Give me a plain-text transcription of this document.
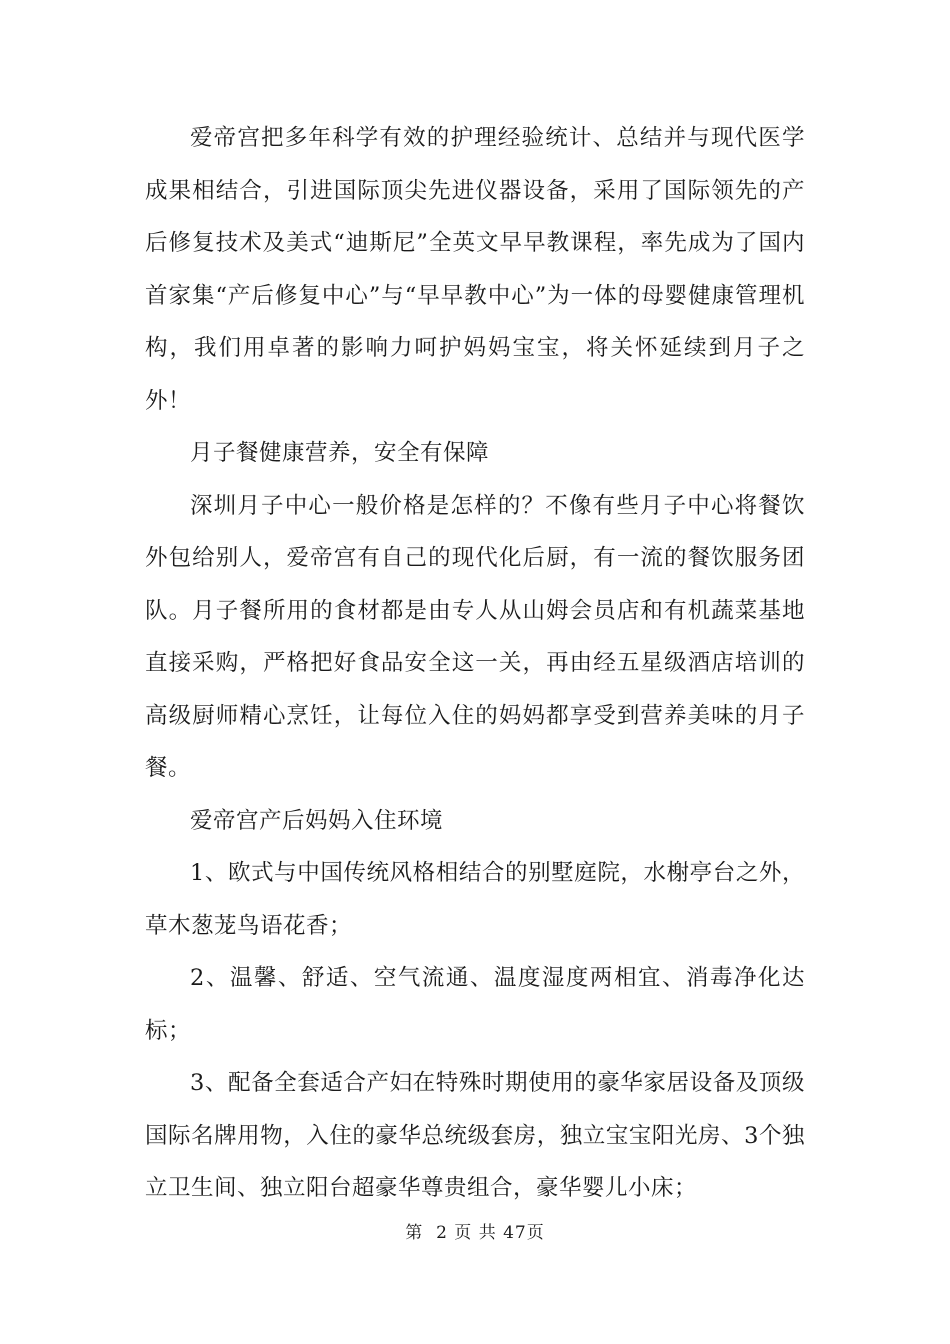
爱帝宫把多年科学有效的护理经验统计、总结并与现代医学成果相结合，引进国际顶尖先进仪器设备，采用了国际领先的产后修复技术及美式“迪斯尼”全英文早早教课程，率先成为了国内首家集“产后修复中心”与“早早教中心”为一体的母婴健康管理机构，我们用卓著的影响力呵护妈妈宝宝，将关怀延续到月子之外！

月子餐健康营养，安全有保障

深圳月子中心一般价格是怎样的？不像有些月子中心将餐饮外包给别人，爱帝宫有自己的现代化后厨，有一流的餐饮服务团队。月子餐所用的食材都是由专人从山姆会员店和有机蔬菜基地直接采购，严格把好食品安全这一关，再由经五星级酒店培训的高级厨师精心烹饪，让每位入住的妈妈都享受到营养美味的月子餐。

爱帝宫产后妈妈入住环境

1、欧式与中国传统风格相结合的别墅庭院，水榭亭台之外，草木葱茏鸟语花香；

2、温馨、舒适、空气流通、温度湿度两相宜、消毒净化达标；

3、配备全套适合产妇在特殊时期使用的豪华家居设备及顶级国际名牌用物，入住的豪华总统级套房，独立宝宝阳光房、3个独立卫生间、独立阳台超豪华尊贵组合，豪华婴儿小床；

第  2 页 共 47页
